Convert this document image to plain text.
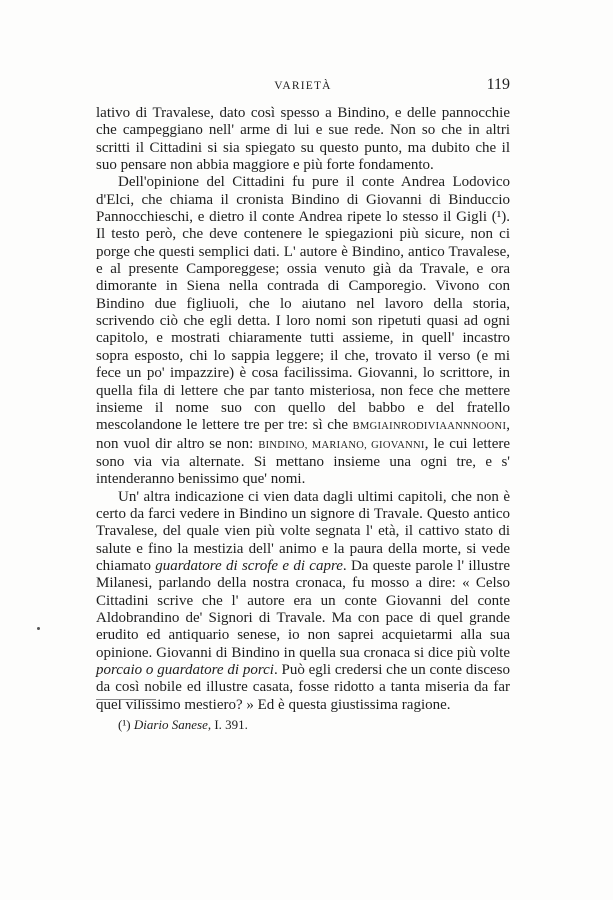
VARIETÀ	119

lativo di Travalese, dato così spesso a Bindino, e delle pannocchie che campeggiano nell' arme di lui e sue rede. Non so che in altri scritti il Cittadini si sia spiegato su questo punto, ma dubito che il suo pensare non abbia maggiore e più forte fondamento.

Dell'opinione del Cittadini fu pure il conte Andrea Lodovico d'Elci, che chiama il cronista Bindino di Giovanni di Binduccio Pannocchieschi, e dietro il conte Andrea ripete lo stesso il Gigli (¹). Il testo però, che deve contenere le spiegazioni più sicure, non ci porge che questi semplici dati. L' autore è Bindino, antico Travalese, e al presente Camporeggese; ossia venuto già da Travale, e ora dimorante in Siena nella contrada di Camporegio. Vivono con Bindino due figliuoli, che lo aiutano nel lavoro della storia, scrivendo ciò che egli detta. I loro nomi son ripetuti quasi ad ogni capitolo, e mostrati chiaramente tutti assieme, in quell' incastro sopra esposto, chi lo sappia leggere; il che, trovato il verso (e mi fece un po' impazzire) è cosa facilissima. Giovanni, lo scrittore, in quella fila di lettere che par tanto misteriosa, non fece che mettere insieme il nome suo con quello del babbo e del fratello mescolandone le lettere tre per tre: sì che BMGIAINRODIVIAANNNOONI, non vuol dir altro se non: BINDINO, MARIANO, GIOVANNI, le cui lettere sono via via alternate. Si mettano insieme una ogni tre, e s' intenderanno benissimo que' nomi.

Un' altra indicazione ci vien data dagli ultimi capitoli, che non è certo da farci vedere in Bindino un signore di Travale. Questo antico Travalese, del quale vien più volte segnata l' età, il cattivo stato di salute e fino la mestizia dell' animo e la paura della morte, si vede chiamato guardatore di scrofe e di capre. Da queste parole l' illustre Milanesi, parlando della nostra cronaca, fu mosso a dire: « Celso Cittadini scrive che l' autore era un conte Giovanni del conte Aldobrandino de' Signori di Travale. Ma con pace di quel grande erudito ed antiquario senese, io non saprei acquietarmi alla sua opinione. Giovanni di Bindino in quella sua cronaca si dice più volte porcaio o guardatore di porci. Può egli credersi che un conte disceso da così nobile ed illustre casata, fosse ridotto a tanta miseria da far quel vilissimo mestiero? » Ed è questa giustissima ragione.

(¹) Diario Sanese, I. 391.
